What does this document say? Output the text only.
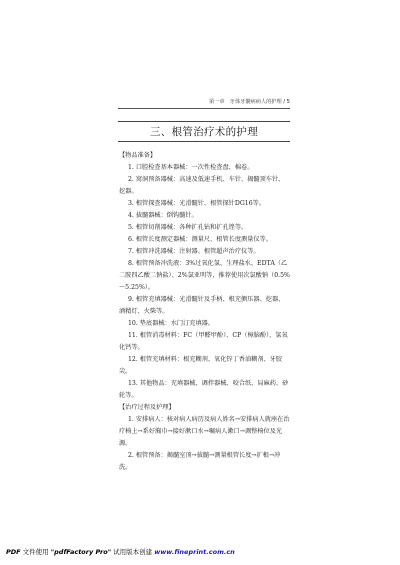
第一章　牙体牙髓病病人的护理 / 5
三、根管治疗术的护理

【物品准备】

1. 口腔检查基本器械：一次性检查盘、棉卷。

2. 窝洞预备器械：高速及低速手机、车针、揭髓顶车针、挖器。

3. 根管探查器械：光滑髓针、根管探针DG16等。

4. 拔髓器械：倒钩髓针。

5. 根管切削器械：各种扩孔钻和扩孔锉等。

6. 根管长度测定器械：测量尺、根管长度测量仪等。

7. 根管冲洗器械：注射器、根管超声治疗仪等。

8. 根管预备冲洗液：3%过氧化氢、生理盐水、EDTA（乙二胺四乙酸二钠盐）、2%氯亚明等，推荐使用次氯酸钠（0.5%～5.25%）。

9. 根管充填器械：光滑髓针及手柄、根充侧压器、挖器、酒精灯、火柴等。

10. 垫底器械：水门汀充填器。

11. 根管消毒材料：FC（甲醛甲酚）、CP（樟脑酚）、氢氧化钙等。

12. 根管充填材料：根充糊剂、氧化锌丁香油糊剂、牙胶尖。

13. 其他物品：充填器械、调拌器械、咬合纸、局麻药、砂轮等。

【治疗过程及护理】

1. 安排病人：核对病人病历及病人姓名→安排病人就座在治疗椅上→系好胸巾→接好漱口水→嘱病人漱口→调整椅位及光源。

2. 根管预备：揭髓室顶→拔髓→测量根管长度→扩根→冲洗。

PDF 文件使用 "pdfFactory Pro" 试用版本创建 www.fineprint.com.cn
